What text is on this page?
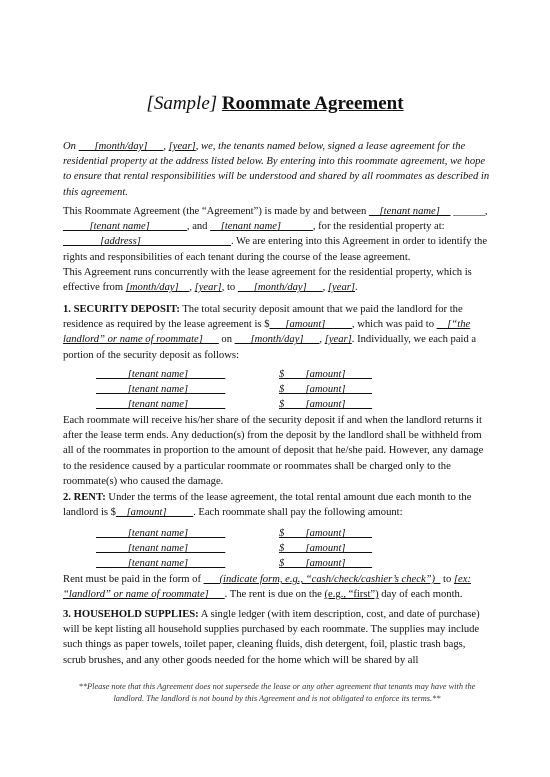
[Sample] Roommate Agreement
On ___[month/day]___, [year], we, the tenants named below, signed a lease agreement for the residential property at the address listed below. By entering into this roommate agreement, we hope to ensure that rental responsibilities will be understood and shared by all roommates as described in this agreement.
This Roommate Agreement (the “Agreement”) is made by and between __[tenant name]__ ______, _____[tenant name]_______, and __[tenant name]______, for the residential property at: _______[address]_________________. We are entering into this Agreement in order to identify the rights and responsibilities of each tenant during the course of the lease agreement.
This Agreement runs concurrently with the lease agreement for the residential property, which is effective from [month/day]__, [year], to ___[month/day]___, [year].
1. SECURITY DEPOSIT: The total security deposit amount that we paid the landlord for the residence as required by the lease agreement is $___[amount]_____, which was paid to __[“the landlord” or name of roommate]___ on ___[month/day]___, [year]. Individually, we each paid a portion of the security deposit as follows:
______[tenant name]_______	$____[amount]_____
______[tenant name]_______	$____[amount]_____
______[tenant name]_______	$____[amount]_____
Each roommate will receive his/her share of the security deposit if and when the landlord returns it after the lease term ends. Any deduction(s) from the deposit by the landlord shall be withheld from all of the roommates in proportion to the amount of deposit that he/she paid. However, any damage to the residence caused by a particular roommate or roommates shall be charged only to the roommate(s) who caused the damage.
2. RENT: Under the terms of the lease agreement, the total rental amount due each month to the landlord is $__[amount]_____. Each roommate shall pay the following amount:
______[tenant name]_______	$____[amount]_____
______[tenant name]_______	$____[amount]_____
______[tenant name]_______	$____[amount]_____
Rent must be paid in the form of ___(indicate form, e.g., “cash/check/cashier’s check”)_ to [ex: “landlord” or name of roommate]___. The rent is due on the (e.g., “first”) day of each month.
3. HOUSEHOLD SUPPLIES: A single ledger (with item description, cost, and date of purchase) will be kept listing all household supplies purchased by each roommate. The supplies may include such things as paper towels, toilet paper, cleaning fluids, dish detergent, foil, plastic trash bags, scrub brushes, and any other goods needed for the home which will be shared by all
**Please note that this Agreement does not supersede the lease or any other agreement that tenants may have with the landlord. The landlord is not bound by this Agreement and is not obligated to enforce its terms.**
